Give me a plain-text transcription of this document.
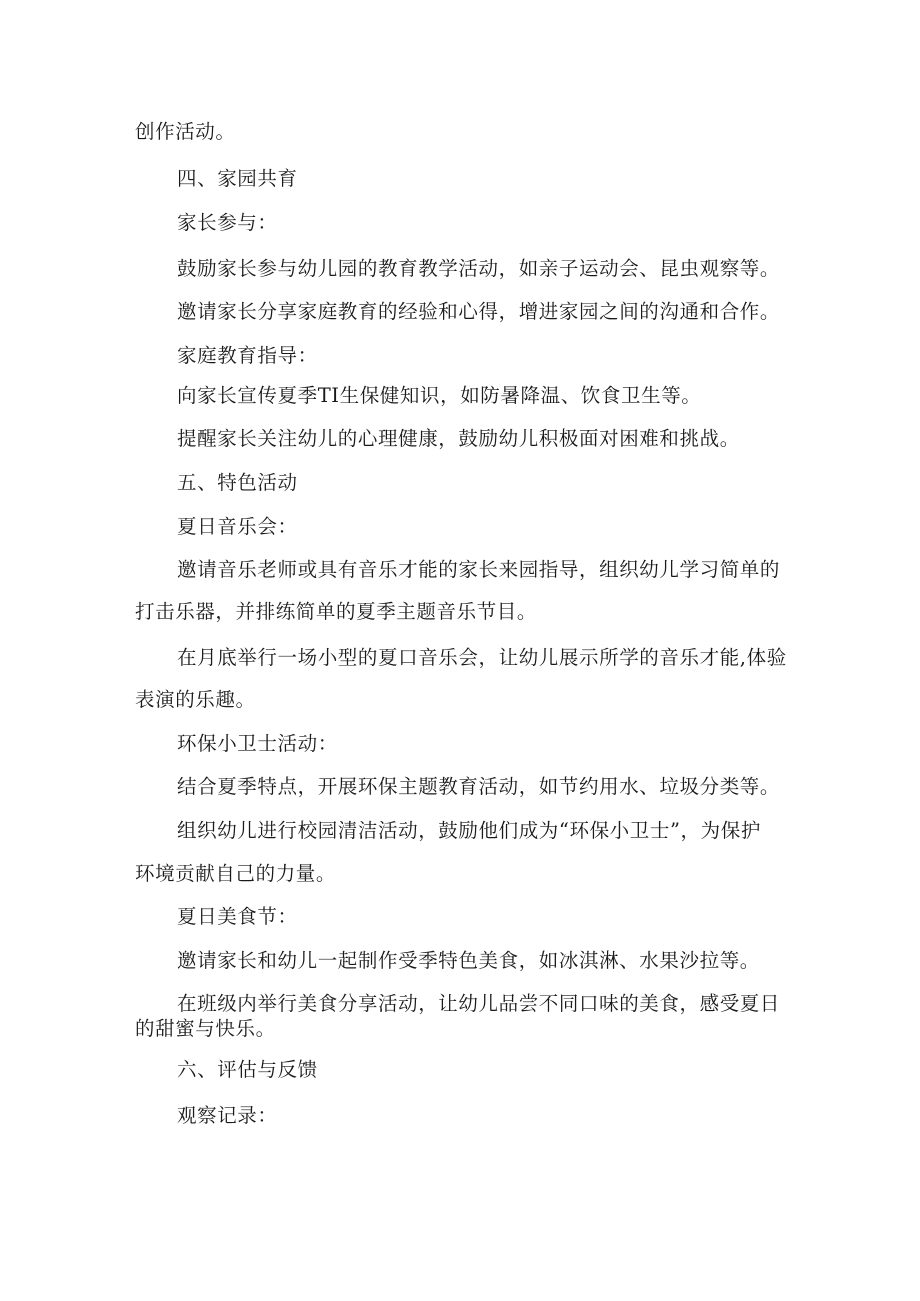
创作活动。
四、家园共育
家长参与：
鼓励家长参与幼儿园的教育教学活动，如亲子运动会、昆虫观察等。
邀请家长分享家庭教育的经验和心得，增进家园之间的沟通和合作。
家庭教育指导：
向家长宣传夏季TI生保健知识，如防暑降温、饮食卫生等。
提醒家长关注幼儿的心理健康，鼓励幼儿积极面对困难和挑战。
五、特色活动
夏日音乐会：
邀请音乐老师或具有音乐才能的家长来园指导，组织幼儿学习简单的
打击乐器，并排练简单的夏季主题音乐节目。
在月底举行一场小型的夏口音乐会，让幼儿展示所学的音乐才能,体验
表演的乐趣。
环保小卫士活动：
结合夏季特点，开展环保主题教育活动，如节约用水、垃圾分类等。
组织幼儿进行校园清洁活动，鼓励他们成为“环保小卫士”，为保护
环境贡献自己的力量。
夏日美食节：
邀请家长和幼儿一起制作受季特色美食，如冰淇淋、水果沙拉等。
在班级内举行美食分享活动，让幼儿品尝不同口味的美食，感受夏日
的甜蜜与快乐。
六、评估与反馈
观察记录：
